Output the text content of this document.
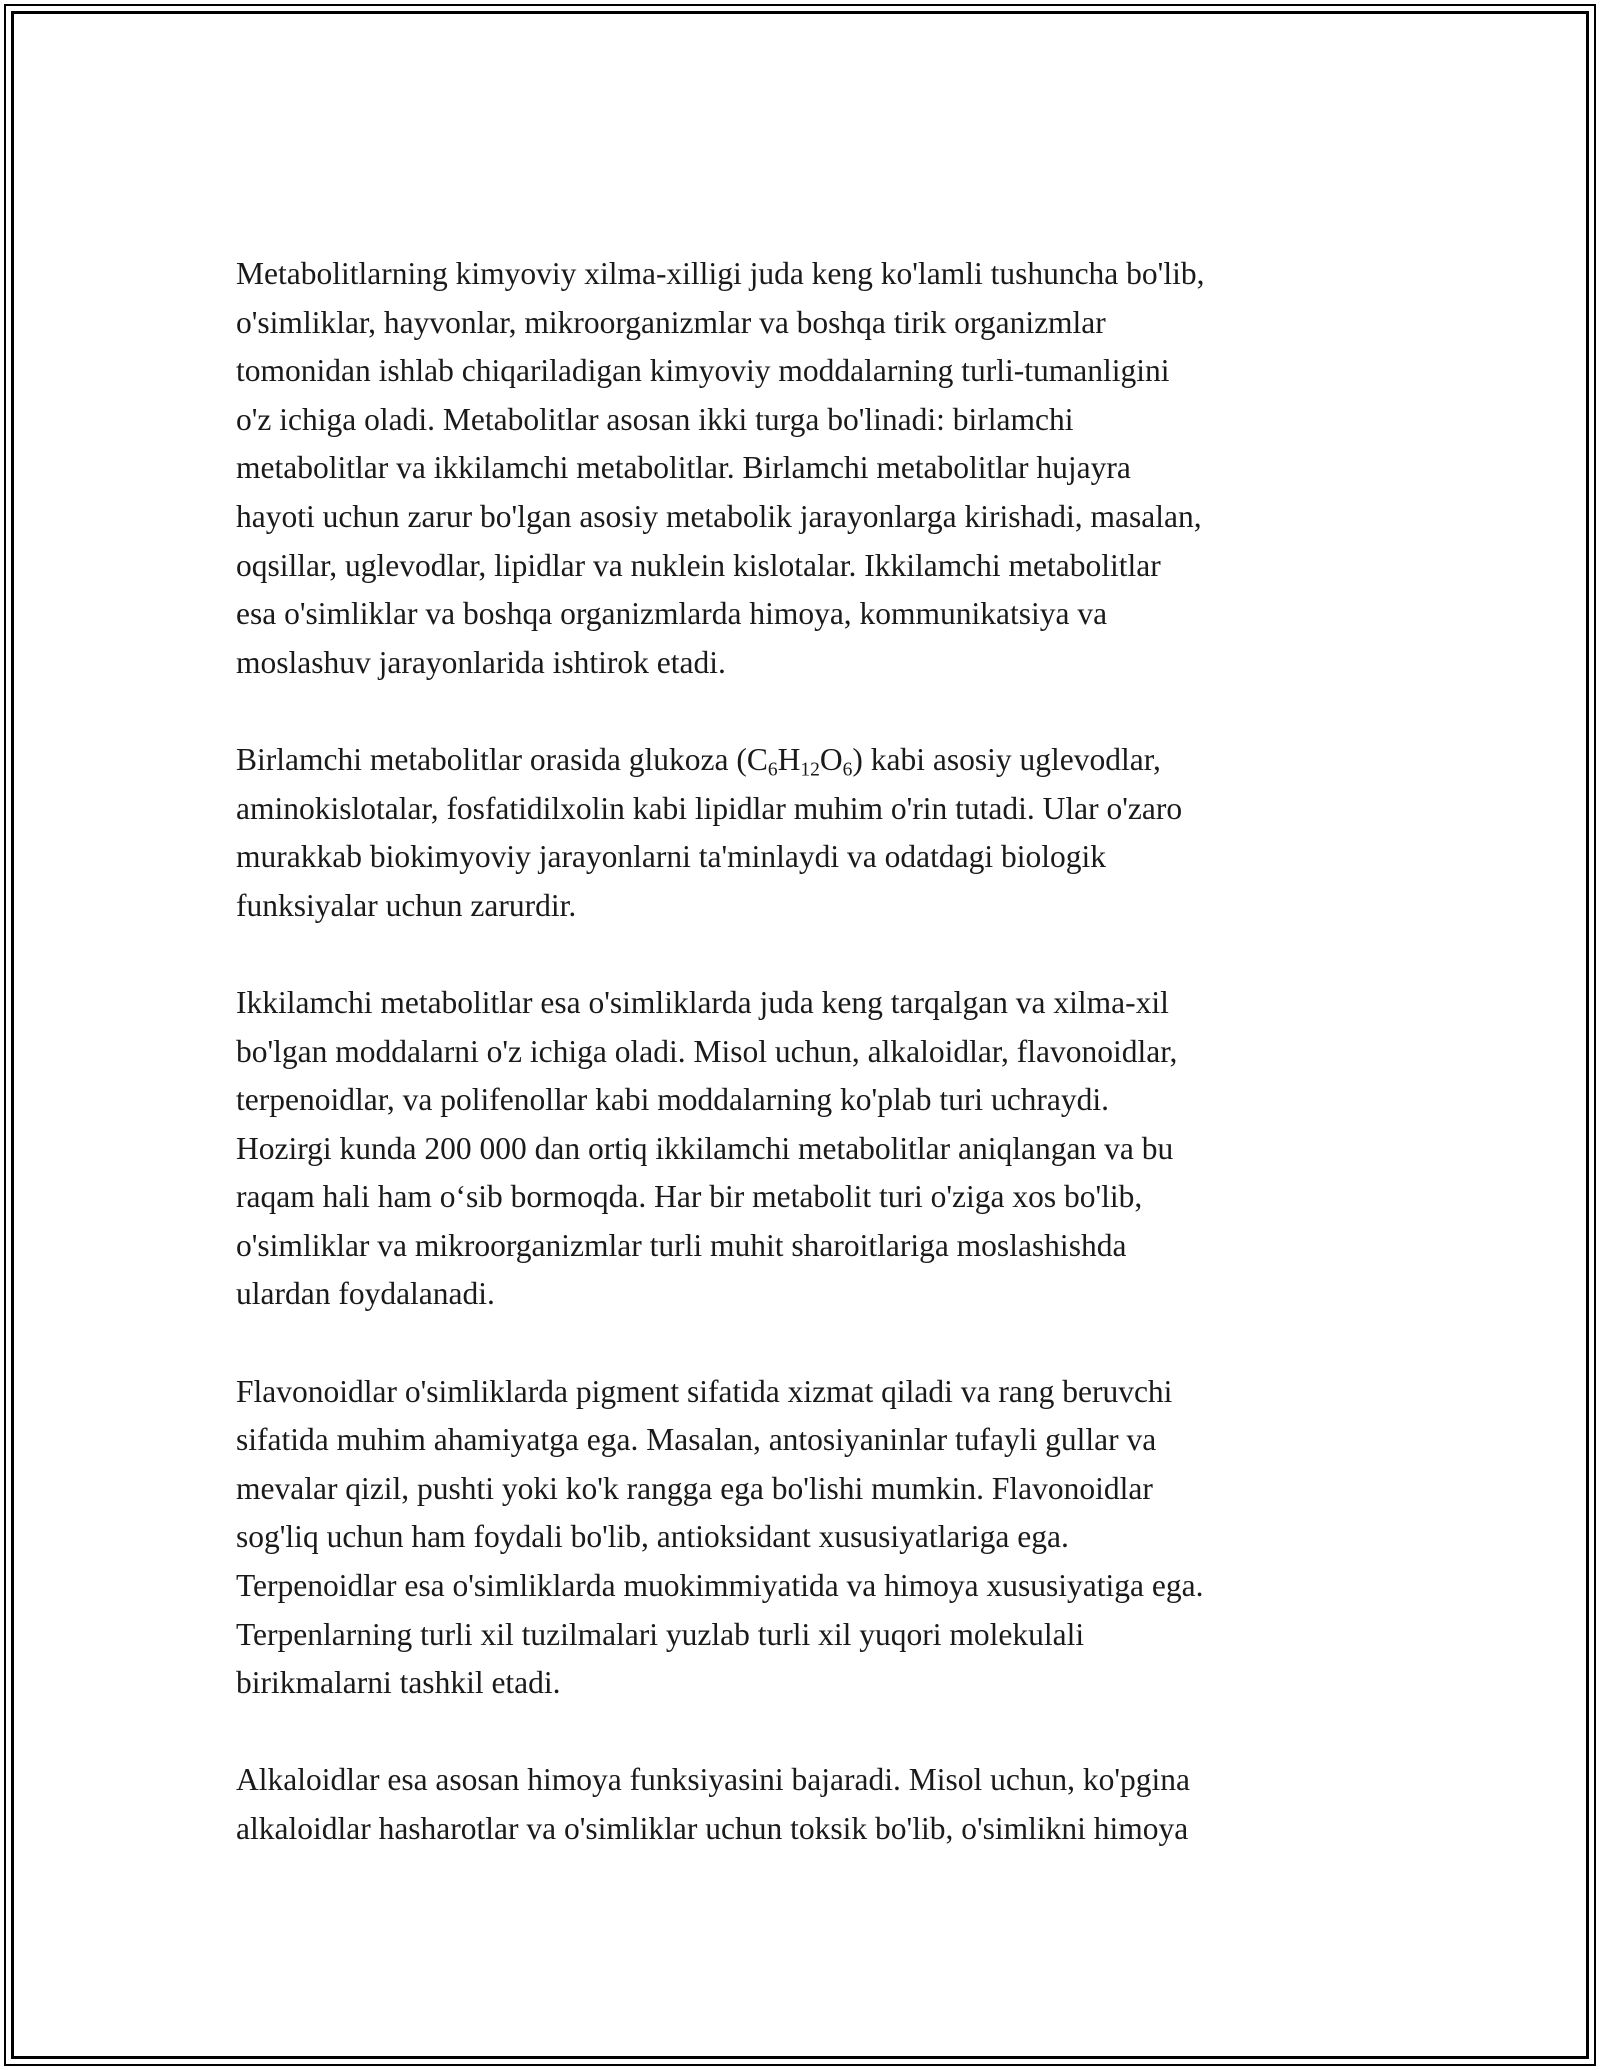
Metabolitlarning kimyoviy xilma-xilligi juda keng ko'lamli tushuncha bo'lib,
o'simliklar, hayvonlar, mikroorganizmlar va boshqa tirik organizmlar
tomonidan ishlab chiqariladigan kimyoviy moddalarning turli-tumanligini
o'z ichiga oladi. Metabolitlar asosan ikki turga bo'linadi: birlamchi
metabolitlar va ikkilamchi metabolitlar. Birlamchi metabolitlar hujayra
hayoti uchun zarur bo'lgan asosiy metabolik jarayonlarga kirishadi, masalan,
oqsillar, uglevodlar, lipidlar va nuklein kislotalar. Ikkilamchi metabolitlar
esa o'simliklar va boshqa organizmlarda himoya, kommunikatsiya va
moslashuv jarayonlarida ishtirok etadi.

Birlamchi metabolitlar orasida glukoza $(C_6H_{12}O_6)$ kabi asosiy uglevodlar,
aminokislotalar, fosfatidilxolin kabi lipidlar muhim o'rin tutadi. Ular o'zaro
murakkab biokimyoviy jarayonlarni ta'minlaydi va odatdagi biologik
funksiyalar uchun zarurdir.

Ikkilamchi metabolitlar esa o'simliklarda juda keng tarqalgan va xilma-xil
bo'lgan moddalarni o'z ichiga oladi. Misol uchun, alkaloidlar, flavonoidlar,
terpenoidlar, va polifenollar kabi moddalarning ko'plab turi uchraydi.
Hozirgi kunda 200 000 dan ortiq ikkilamchi metabolitlar aniqlangan va bu
raqam hali ham o‘sib bormoqda. Har bir metabolit turi o'ziga xos bo'lib,
o'simliklar va mikroorganizmlar turli muhit sharoitlariga moslashishda
ulardan foydalanadi.

Flavonoidlar o'simliklarda pigment sifatida xizmat qiladi va rang beruvchi
sifatida muhim ahamiyatga ega. Masalan, antosiyaninlar tufayli gullar va
mevalar qizil, pushti yoki ko'k rangga ega bo'lishi mumkin. Flavonoidlar
sog'liq uchun ham foydali bo'lib, antioksidant xususiyatlariga ega.
Terpenoidlar esa o'simliklarda muokimmiyatida va himoya xususiyatiga ega.
Terpenlarning turli xil tuzilmalari yuzlab turli xil yuqori molekulali
birikmalarni tashkil etadi.

Alkaloidlar esa asosan himoya funksiyasini bajaradi. Misol uchun, ko'pgina
alkaloidlar hasharotlar va o'simliklar uchun toksik bo'lib, o'simlikni himoya
